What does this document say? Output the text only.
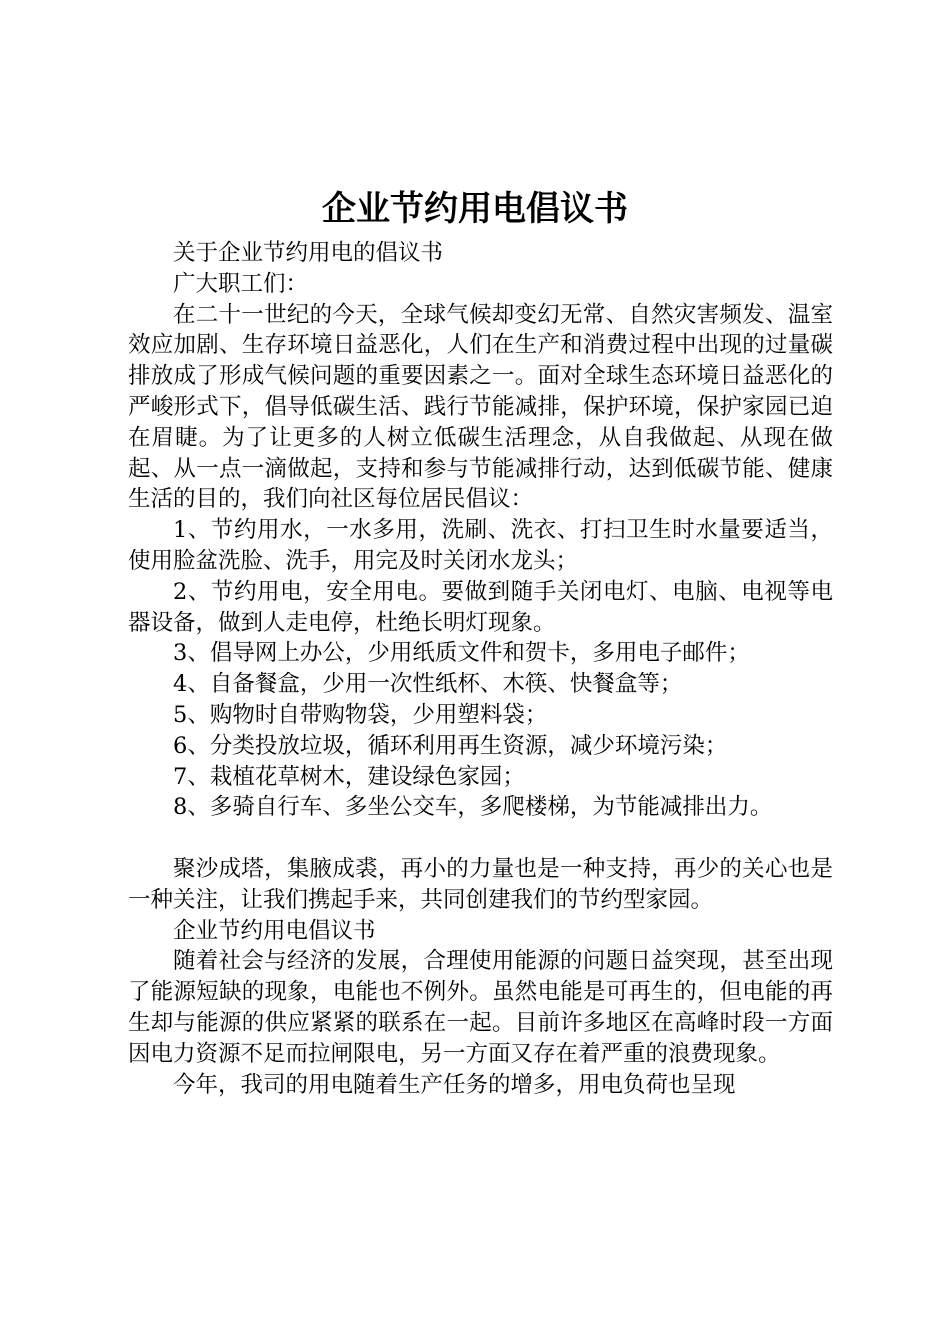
企业节约用电倡议书

关于企业节约用电的倡议书

广大职工们：

在二十一世纪的今天，全球气候却变幻无常、自然灾害频发、温室效应加剧、生存环境日益恶化，人们在生产和消费过程中出现的过量碳排放成了形成气候问题的重要因素之一。面对全球生态环境日益恶化的严峻形式下，倡导低碳生活、践行节能减排，保护环境，保护家园已迫在眉睫。为了让更多的人树立低碳生活理念，从自我做起、从现在做起、从一点一滴做起，支持和参与节能减排行动，达到低碳节能、健康生活的目的，我们向社区每位居民倡议：

1、节约用水，一水多用，洗刷、洗衣、打扫卫生时水量要适当，使用脸盆洗脸、洗手，用完及时关闭水龙头；

2、节约用电，安全用电。要做到随手关闭电灯、电脑、电视等电器设备，做到人走电停，杜绝长明灯现象。

3、倡导网上办公，少用纸质文件和贺卡，多用电子邮件；

4、自备餐盒，少用一次性纸杯、木筷、快餐盒等；

5、购物时自带购物袋，少用塑料袋；

6、分类投放垃圾，循环利用再生资源，减少环境污染；

7、栽植花草树木，建设绿色家园；

8、多骑自行车、多坐公交车，多爬楼梯，为节能减排出力。

聚沙成塔，集腋成裘，再小的力量也是一种支持，再少的关心也是一种关注，让我们携起手来，共同创建我们的节约型家园。

企业节约用电倡议书

随着社会与经济的发展，合理使用能源的问题日益突现，甚至出现了能源短缺的现象，电能也不例外。虽然电能是可再生的，但电能的再生却与能源的供应紧紧的联系在一起。目前许多地区在高峰时段一方面因电力资源不足而拉闸限电，另一方面又存在着严重的浪费现象。

今年，我司的用电随着生产任务的增多，用电负荷也呈现
